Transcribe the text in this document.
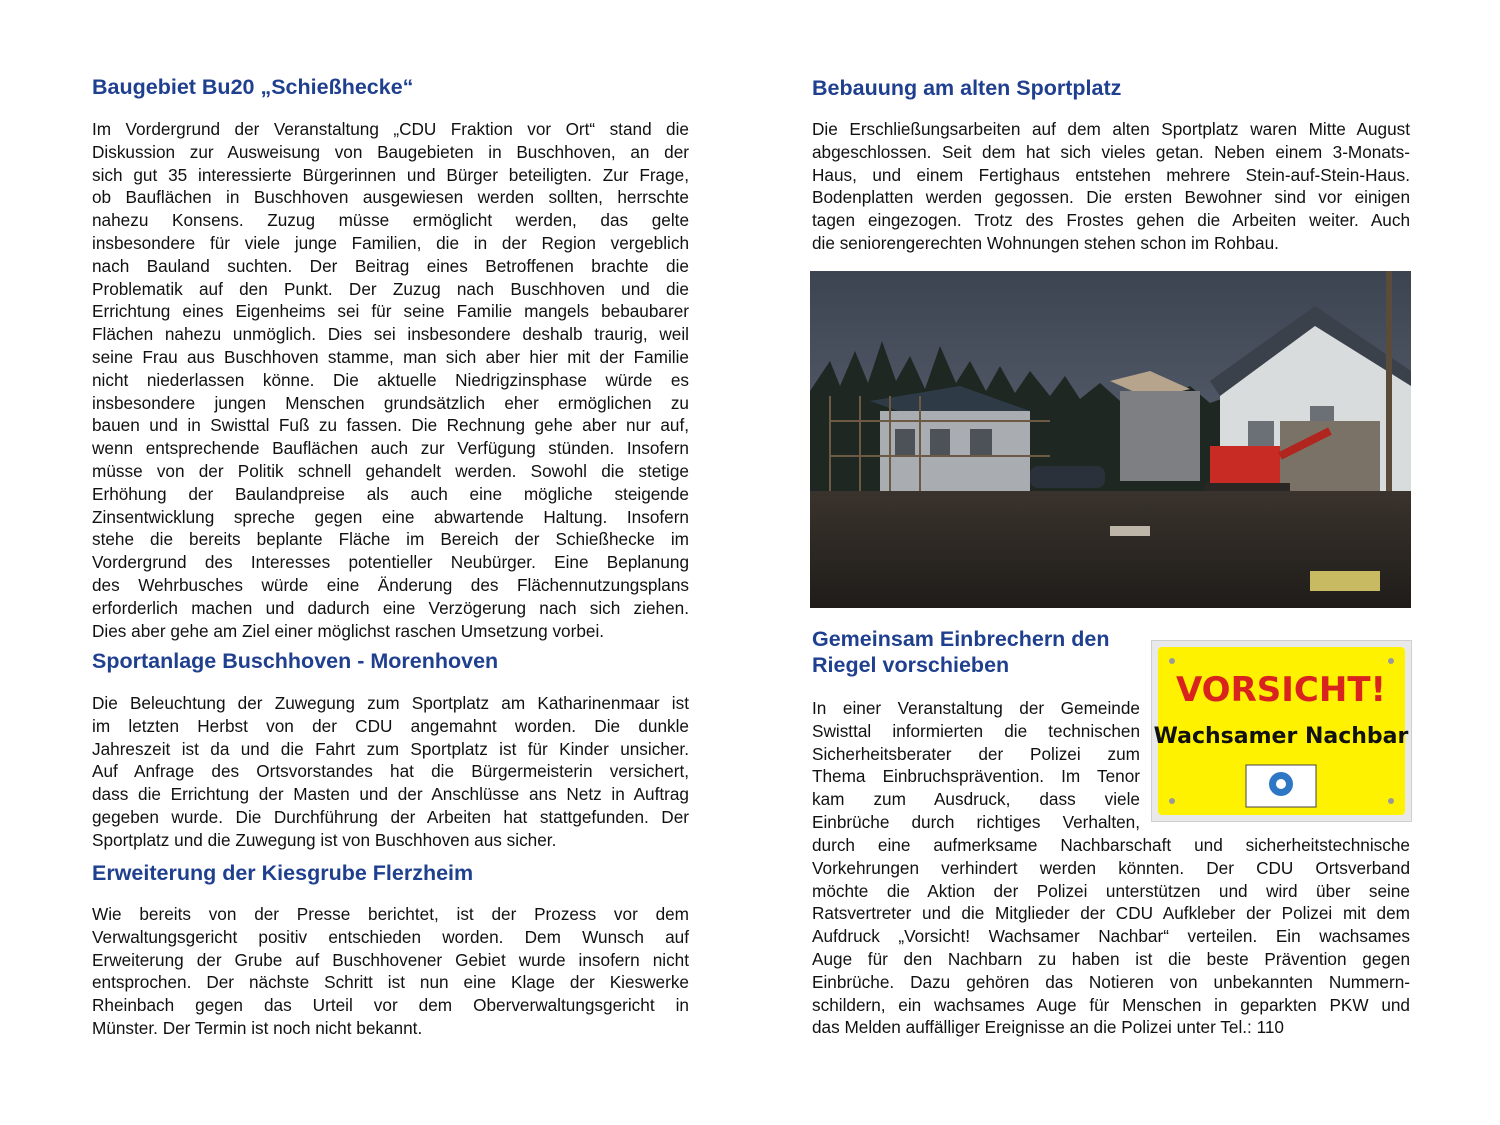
Baugebiet Bu20 „Schießhecke“
Im Vordergrund der Veranstaltung „CDU Fraktion vor Ort“ stand die
Diskussion zur Ausweisung von Baugebieten in Buschhoven, an der
sich gut 35 interessierte Bürgerinnen und Bürger beteiligten. Zur Frage,
ob Bauflächen in Buschhoven ausgewiesen werden sollten, herrschte
nahezu Konsens. Zuzug müsse ermöglicht werden, das gelte
insbesondere für viele junge Familien, die in der Region vergeblich
nach Bauland suchten. Der Beitrag eines Betroffenen brachte die
Problematik auf den Punkt. Der Zuzug nach Buschhoven und die
Errichtung eines Eigenheims sei für seine Familie mangels bebaubarer
Flächen nahezu unmöglich. Dies sei insbesondere deshalb traurig, weil
seine Frau aus Buschhoven stamme, man sich aber hier mit der Familie
nicht niederlassen könne. Die aktuelle Niedrigzinsphase würde es
insbesondere jungen Menschen grundsätzlich eher ermöglichen zu
bauen und in Swisttal Fuß zu fassen. Die Rechnung gehe aber nur auf,
wenn entsprechende Bauflächen auch zur Verfügung stünden. Insofern
müsse von der Politik schnell gehandelt werden. Sowohl die stetige
Erhöhung der Baulandpreise als auch eine mögliche steigende
Zinsentwicklung spreche gegen eine abwartende Haltung. Insofern
stehe die bereits beplante Fläche im Bereich der Schießhecke im
Vordergrund des Interesses potentieller Neubürger. Eine Beplanung
des Wehrbusches würde eine Änderung des Flächennutzungsplans
erforderlich machen und dadurch eine Verzögerung nach sich ziehen.
Dies aber gehe am Ziel einer möglichst raschen Umsetzung vorbei.
Sportanlage Buschhoven - Morenhoven
Die Beleuchtung der Zuwegung zum Sportplatz am Katharinenmaar ist
im letzten Herbst von der CDU angemahnt worden. Die dunkle
Jahreszeit ist da und die Fahrt zum Sportplatz ist für Kinder unsicher.
Auf Anfrage des Ortsvorstandes hat die Bürgermeisterin versichert,
dass die Errichtung der Masten und der Anschlüsse ans Netz in Auftrag
gegeben wurde. Die Durchführung der Arbeiten hat stattgefunden. Der
Sportplatz und die Zuwegung ist von Buschhoven aus sicher.
Erweiterung der Kiesgrube Flerzheim
Wie bereits von der Presse berichtet, ist der Prozess vor dem
Verwaltungsgericht positiv entschieden worden. Dem Wunsch auf
Erweiterung der Grube auf Buschhovener Gebiet wurde insofern nicht
entsprochen. Der nächste Schritt ist nun eine Klage der Kieswerke
Rheinbach gegen das Urteil vor dem Oberverwaltungsgericht in
Münster. Der Termin ist noch nicht bekannt.
Bebauung am alten Sportplatz
Die Erschließungsarbeiten auf dem alten Sportplatz waren Mitte August
abgeschlossen. Seit dem hat sich vieles getan. Neben einem 3-Monats-
Haus, und einem Fertighaus entstehen mehrere Stein-auf-Stein-Haus.
Bodenplatten werden gegossen. Die ersten Bewohner sind vor einigen
tagen eingezogen. Trotz des Frostes gehen die Arbeiten weiter. Auch
die seniorengerechten Wohnungen stehen schon im Rohbau.
Gemeinsam Einbrechern den
Riegel vorschieben
VORSICHT!
Wachsamer Nachbar
In einer Veranstaltung der Gemeinde
Swisttal informierten die technischen
Sicherheitsberater der Polizei zum
Thema Einbruchsprävention. Im Tenor
kam zum Ausdruck, dass viele
Einbrüche durch richtiges Verhalten,
durch eine aufmerksame Nachbarschaft und sicherheitstechnische
Vorkehrungen verhindert werden könnten. Der CDU Ortsverband
möchte die Aktion der Polizei unterstützen und wird über seine
Ratsvertreter und die Mitglieder der CDU Aufkleber der Polizei mit dem
Aufdruck „Vorsicht! Wachsamer Nachbar“ verteilen. Ein wachsames
Auge für den Nachbarn zu haben ist die beste Prävention gegen
Einbrüche. Dazu gehören das Notieren von unbekannten Nummern-
schildern, ein wachsames Auge für Menschen in geparkten PKW und
das Melden auffälliger Ereignisse an die Polizei unter Tel.: 110
